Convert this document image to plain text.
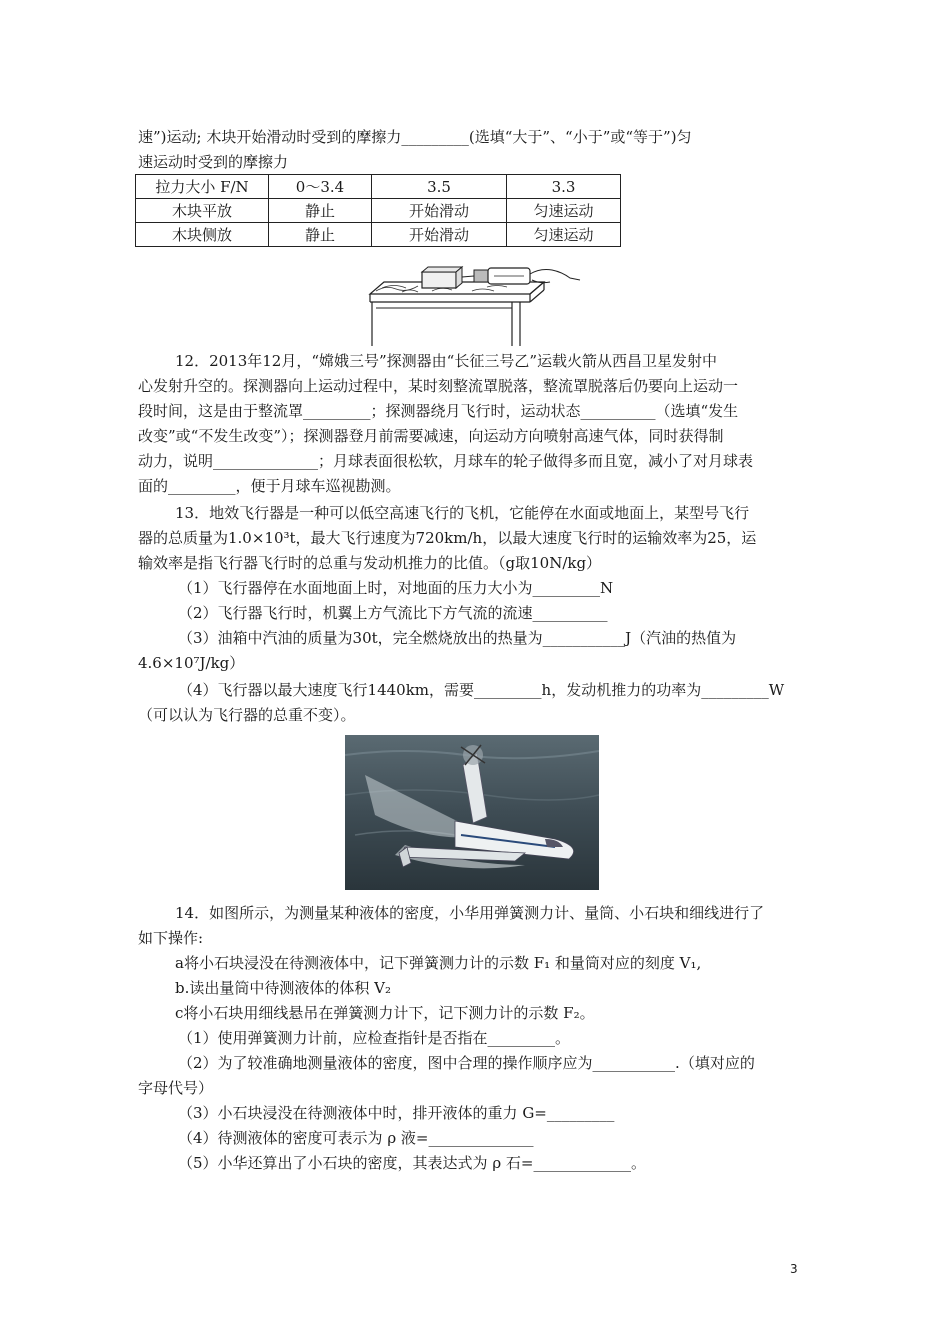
速”)运动; 木块开始滑动时受到的摩擦力_________(选填“大于”、“小于”或“等于”)匀
速运动时受到的摩擦力
拉力大小 F/N	0～3.4	3.5	3.3
木块平放	静止	开始滑动	匀速运动
木块侧放	静止	开始滑动	匀速运动
12．2013年12月，“嫦娥三号”探测器由“长征三号乙”运载火箭从西昌卫星发射中
心发射升空的。探测器向上运动过程中，某时刻整流罩脱落，整流罩脱落后仍要向上运动一
段时间，这是由于整流罩_________；探测器绕月飞行时，运动状态__________（选填“发生
改变”或“不发生改变”）；探测器登月前需要减速，向运动方向喷射高速气体，同时获得制
动力，说明______________；月球表面很松软，月球车的轮子做得多而且宽，减小了对月球表
面的_________，便于月球车巡视勘测。
13．地效飞行器是一种可以低空高速飞行的飞机，它能停在水面或地面上，某型号飞行
器的总质量为1.0×10³t，最大飞行速度为720km/h，以最大速度飞行时的运输效率为25，运
输效率是指飞行器飞行时的总重与发动机推力的比值。（g取10N/kg）
（1）飞行器停在水面地面上时，对地面的压力大小为_________N
（2）飞行器飞行时，机翼上方气流比下方气流的流速__________
（3）油箱中汽油的质量为30t，完全燃烧放出的热量为___________J（汽油的热值为
4.6×10⁷J/kg）
（4）飞行器以最大速度飞行1440km，需要_________h，发动机推力的功率为_________W
（可以认为飞行器的总重不变）。
14．如图所示，为测量某种液体的密度，小华用弹簧测力计、量筒、小石块和细线进行了
如下操作:
a将小石块浸没在待测液体中，记下弹簧测力计的示数 F₁ 和量筒对应的刻度 V₁,
b.读出量筒中待测液体的体积 V₂
c将小石块用细线悬吊在弹簧测力计下，记下测力计的示数 F₂。
（1）使用弹簧测力计前，应检查指针是否指在_________。
（2）为了较准确地测量液体的密度，图中合理的操作顺序应为___________.（填对应的
字母代号）
（3）小石块浸没在待测液体中时，排开液体的重力 G=_________
（4）待测液体的密度可表示为 ρ 液=______________
（5）小华还算出了小石块的密度，其表达式为 ρ 石=_____________。
3
